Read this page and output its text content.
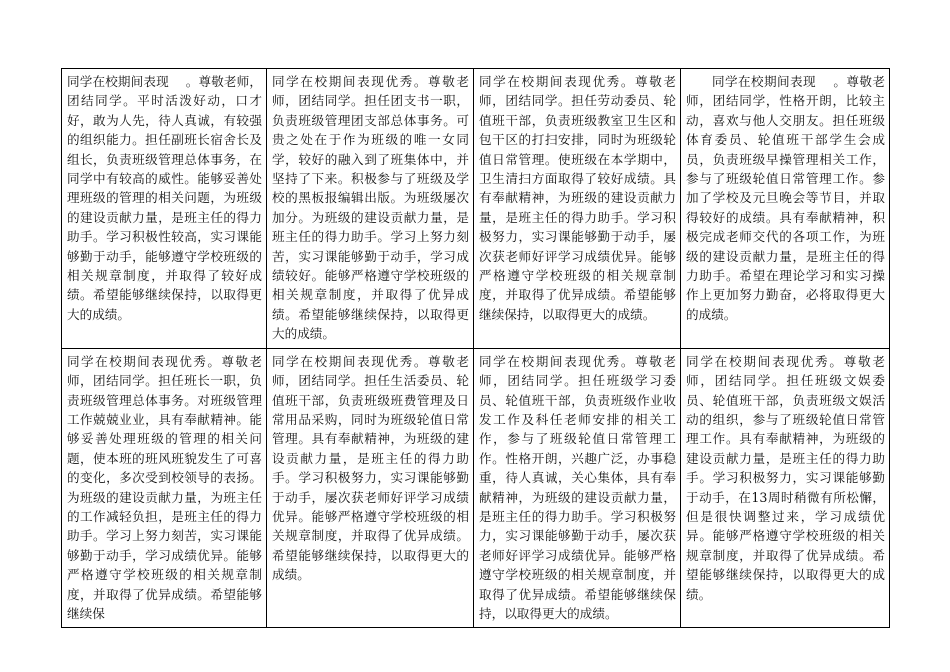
同学在校期间表现　 。尊敬老师，团结同学。平时活泼好动，口才好，敢为人先，待人真诚，有较强的组织能力。担任副班长宿舍长及组长，负责班级管理总体事务，在同学中有较高的威性。能够妥善处理班级的管理的相关问题，为班级的建设贡献力量，是班主任的得力助手。学习积极性较高，实习课能够勤于动手，能够遵守学校班级的相关规章制度，并取得了较好成绩。希望能够继续保持，以取得更大的成绩。	同学在校期间表现优秀。尊敬老师，团结同学。担任团支书一职，负责班级管理团支部总体事务。可贵之处在于作为班级的唯一女同学，较好的融入到了班集体中，并坚持了下来。积极参与了班级及学校的黑板报编辑出版。为班级屡次加分。为班级的建设贡献力量，是班主任的得力助手。学习上努力刻苦，实习课能够勤于动手，学习成绩较好。能够严格遵守学校班级的相关规章制度，并取得了优异成绩。希望能够继续保持，以取得更大的成绩。	同学在校期间表现优秀。尊敬老师，团结同学。担任劳动委员、轮值班干部，负责班级教室卫生区和包干区的打扫安排，同时为班级轮值日常管理。使班级在本学期中，卫生清扫方面取得了较好成绩。具有奉献精神，为班级的建设贡献力量，是班主任的得力助手。学习积极努力，实习课能够勤于动手，屡次获老师好评学习成绩优异。能够严格遵守学校班级的相关规章制度，并取得了优异成绩。希望能够继续保持，以取得更大的成绩。	　　同学在校期间表现　 。尊敬老师，团结同学，性格开朗，比较主动，喜欢与他人交朋友。担任班级体育委员、轮值班干部学生会成员，负责班级早操管理相关工作，参与了班级轮值日常管理工作。参加了学校及元旦晚会等节目，并取得较好的成绩。具有奉献精神，积极完成老师交代的各项工作，为班级的建设贡献力量，是班主任的得力助手。希望在理论学习和实习操作上更加努力勤奋，必将取得更大的成绩。

同学在校期间表现优秀。尊敬老师，团结同学。担任班长一职，负责班级管理总体事务。对班级管理工作兢兢业业，具有奉献精神。能够妥善处理班级的管理的相关问题，使本班的班风班貌发生了可喜的变化，多次受到校领导的表扬。为班级的建设贡献力量，为班主任的工作减轻负担，是班主任的得力助手。学习上努力刻苦，实习课能够勤于动手，学习成绩优异。能够严格遵守学校班级的相关规章制度，并取得了优异成绩。希望能够继续保	同学在校期间表现优秀。尊敬老师，团结同学。担任生活委员、轮值班干部，负责班级班费管理及日常用品采购，同时为班级轮值日常管理。具有奉献精神，为班级的建设贡献力量，是班主任的得力助手。学习积极努力，实习课能够勤于动手，屡次获老师好评学习成绩优异。能够严格遵守学校班级的相关规章制度，并取得了优异成绩。希望能够继续保持，以取得更大的成绩。	同学在校期间表现优秀。尊敬老师，团结同学。担任班级学习委员、轮值班干部，负责班级作业收发工作及科任老师安排的相关工作，参与了班级轮值日常管理工作。性格开朗，兴趣广泛，办事稳重，待人真诚，关心集体，具有奉献精神，为班级的建设贡献力量，是班主任的得力助手。学习积极努力，实习课能够勤于动手，屡次获老师好评学习成绩优异。能够严格遵守学校班级的相关规章制度，并取得了优异成绩。希望能够继续保持，以取得更大的成绩。	同学在校期间表现优秀。尊敬老师，团结同学。担任班级文娱委员、轮值班干部，负责班级文娱活动的组织，参与了班级轮值日常管理工作。具有奉献精神，为班级的建设贡献力量，是班主任的得力助手。学习积极努力，实习课能够勤于动手，在13周时稍微有所松懈，但是很快调整过来，学习成绩优异。能够严格遵守学校班级的相关规章制度，并取得了优异成绩。希望能够继续保持，以取得更大的成绩。
